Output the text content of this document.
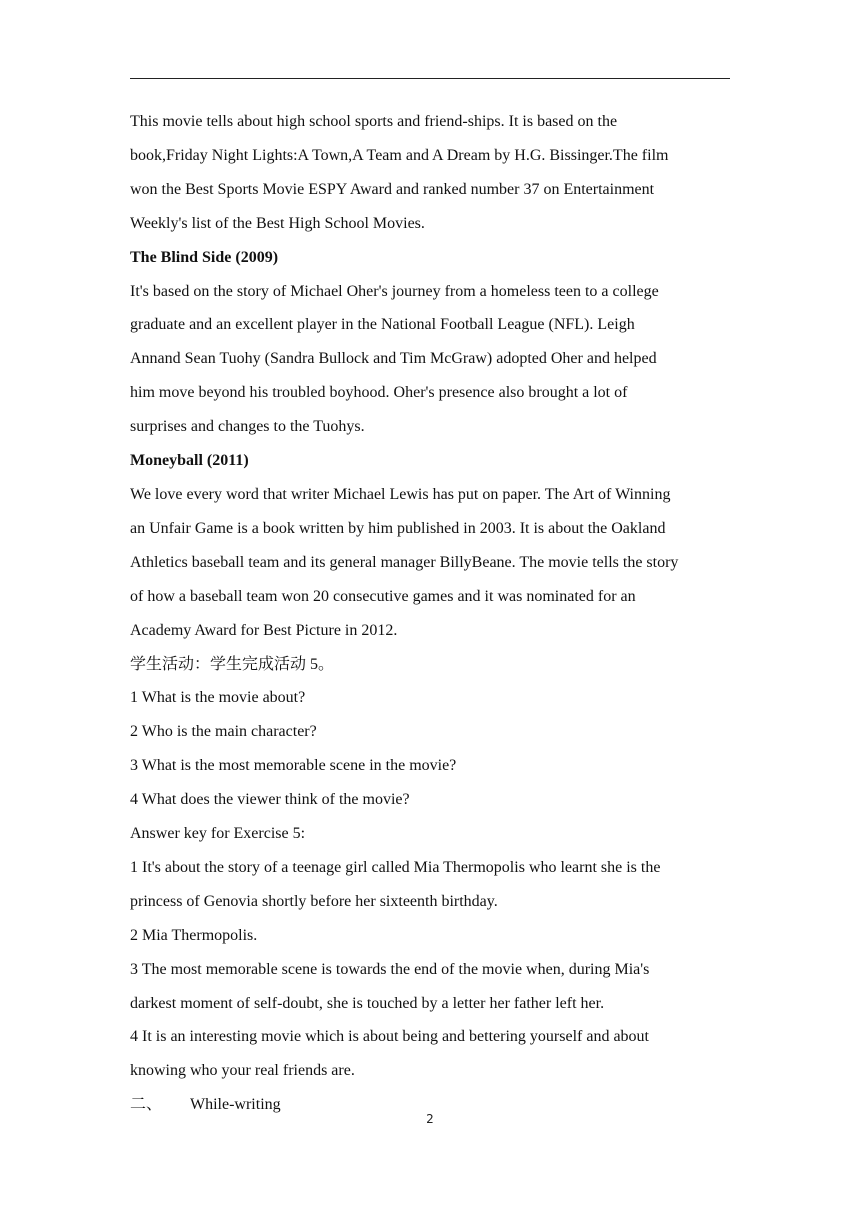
This movie tells about high school sports and friend-ships. It is based on the

book,Friday Night Lights:A Town,A Team and A Dream by H.G. Bissinger.The film

won the Best Sports Movie ESPY Award and ranked number 37 on Entertainment

Weekly's list of the Best High School Movies.

The Blind Side (2009)

It's based on the story of Michael Oher's journey from a homeless teen to a college

graduate and an excellent player in the National Football League (NFL). Leigh

Annand Sean Tuohy (Sandra Bullock and Tim McGraw) adopted Oher and helped

him move beyond his troubled boyhood. Oher's presence also brought a lot of

surprises and changes to the Tuohys.

Moneyball (2011)

We love every word that writer Michael Lewis has put on paper. The Art of Winning

an Unfair Game is a book written by him published in 2003. It is about the Oakland

Athletics baseball team and its general manager BillyBeane. The movie tells the story

of how a baseball team won 20 consecutive games and it was nominated for an

Academy Award for Best Picture in 2012.

学生活动：学生完成活动 5。

1 What is the movie about?

2 Who is the main character?

3 What is the most memorable scene in the movie?

4 What does the viewer think of the movie?

Answer key for Exercise 5:

1 It's about the story of a teenage girl called Mia Thermopolis who learnt she is the

princess of Genovia shortly before her sixteenth birthday.

2 Mia Thermopolis.

3 The most memorable scene is towards the end of the movie when, during Mia's

darkest moment of self-doubt, she is touched by a letter her father left her.

4 It is an interesting movie which is about being and bettering yourself and about

knowing who your real friends are.

二、 While-writing

2
